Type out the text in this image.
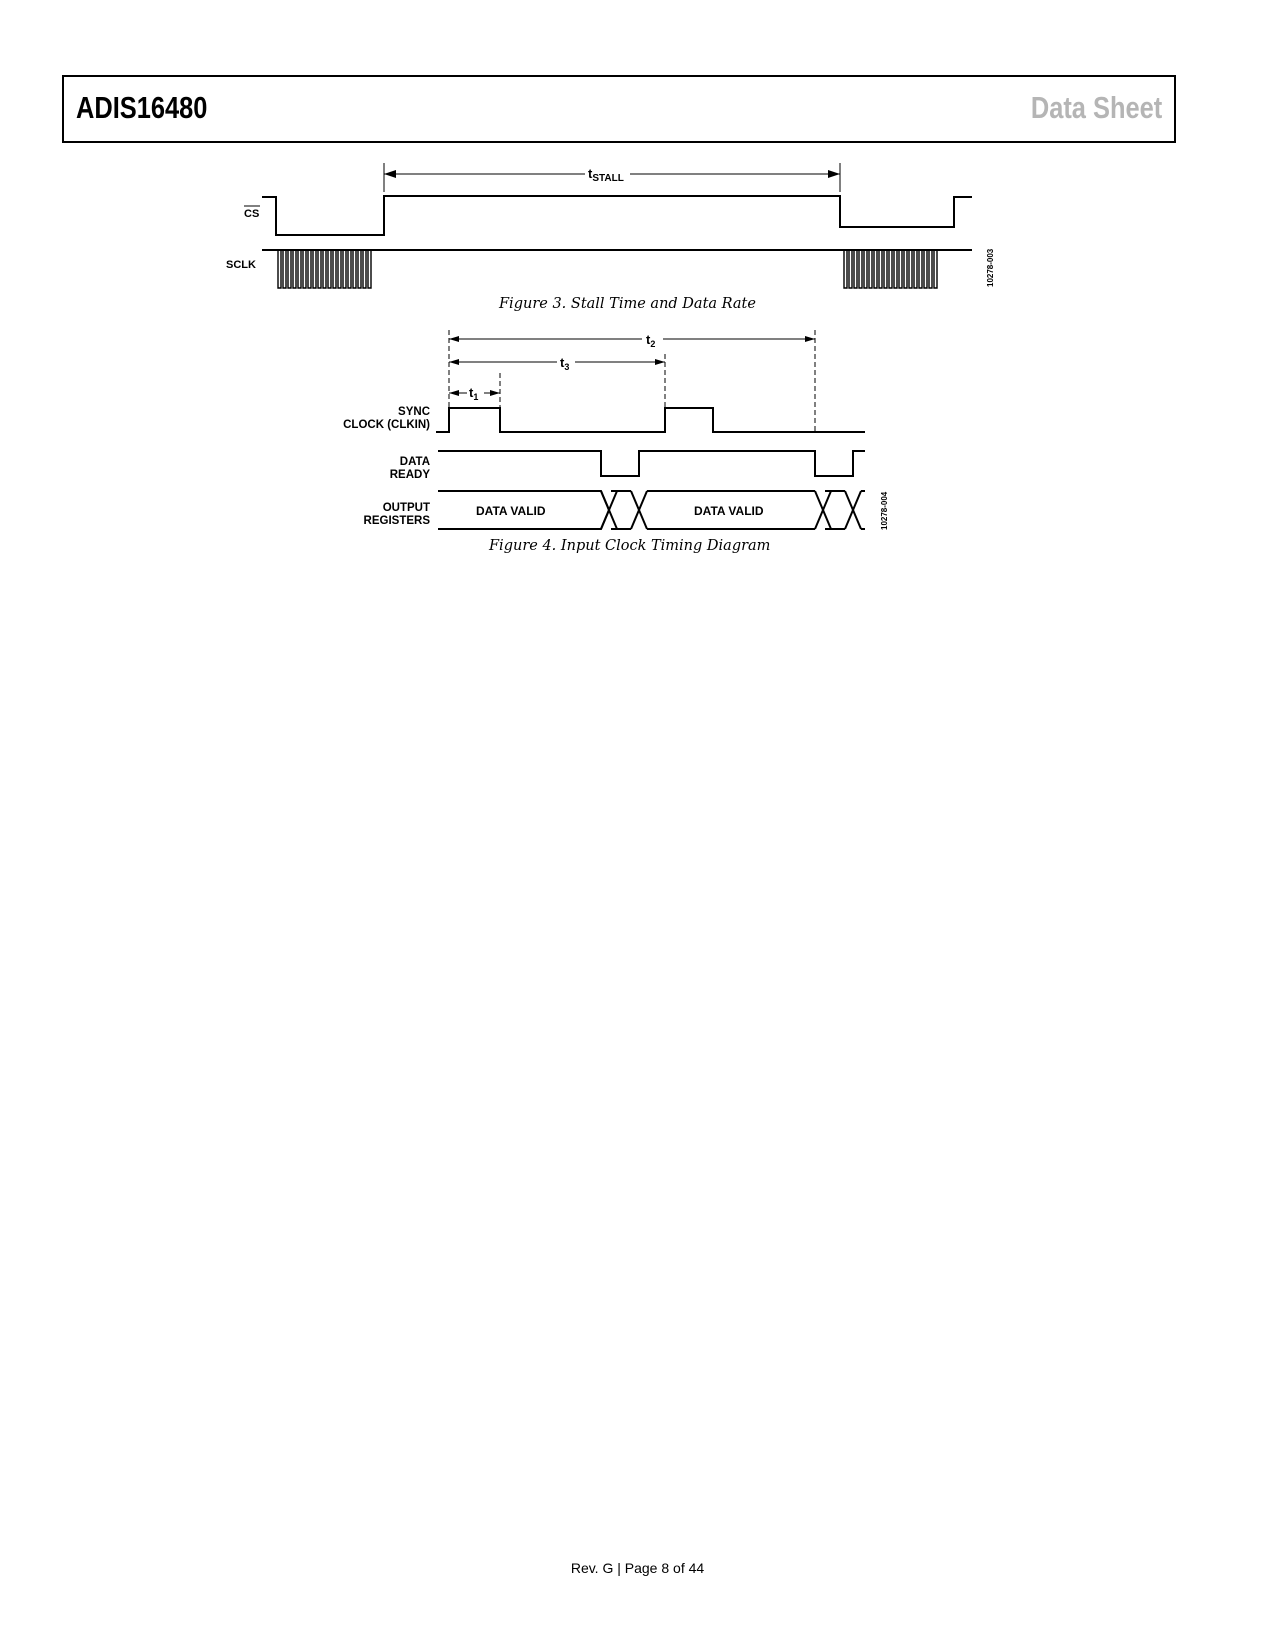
ADIS16480	Data Sheet
$t_{STALL}$
CS
SCLK	10278-003
Figure 3. Stall Time and Data Rate
$t_2$
$t_3$
$t_1$
SYNC
CLOCK (CLKIN)
DATA
READY
OUTPUT
REGISTERS
DATA VALID	DATA VALID	10278-004
Figure 4. Input Clock Timing Diagram
Rev. G | Page 8 of 44
